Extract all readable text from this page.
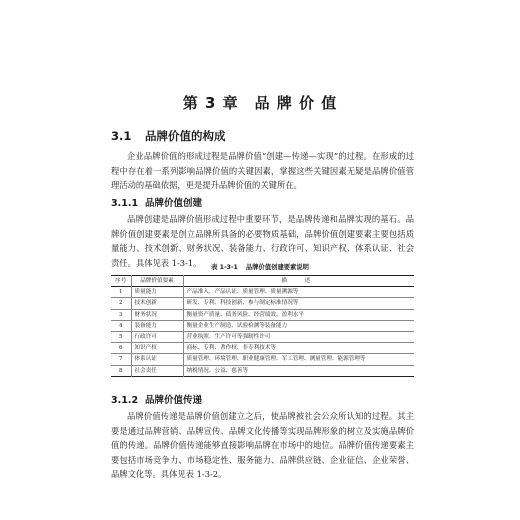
第 3 章　品 牌 价 值
3.1 品牌价值的构成

企业品牌价值的形成过程是品牌价值“创建—传递—实现”的过程。在形成的过程中存在着一系列影响品牌价值的关键因素，掌握这些关键因素无疑是品牌价值管理活动的基础依据，更是提升品牌价值的关键所在。

3.1.1 品牌价值创建

品牌创建是品牌价值形成过程中重要环节，是品牌传递和品牌实现的基石。品牌价值创建要素是创立品牌所具备的必要物质基础，品牌价值创建要素主要包括质量能力、技术创新、财务状况、装备能力、行政许可、知识产权、体系认证、社会责任。具体见表 1-3-1。	表 1-3-1 品牌价值创建要素说明
序号	品牌价值要素	描　述
1	质量能力	产品准入、产品认证、质量管理、质量溯源等
2	技术创新	研发、专利、科技创新、参与制定标准情况等
3	财务状况	衡量资产质量、债务风险、经营绩效、盈利水平
4	装备能力	衡量企业生产制造、试验检测等装备能力
5	行政许可	营业执照、生产许可等强制性许可
6	知识产权	商标、专利、著作权、非专利技术等
7	体系认证	质量管理、环境管理、职业健康管理、军工管理、测量管理、能源管理等
8	社会责任	纳税情况、公益、慈善等
3.1.2 品牌价值传递

品牌价值传递是品牌价值创建立之后，使品牌被社会公众所认知的过程。其主要是通过品牌营销、品牌宣传、品牌文化传播等实现品牌形象的树立及实施品牌价值的传递。品牌价值传递能够直接影响品牌在市场中的地位。品牌价值传递要素主要包括市场竞争力、市场稳定性、服务能力、品牌供应链、企业征信、企业荣誉、品牌文化等。具体见表 1-3-2。
